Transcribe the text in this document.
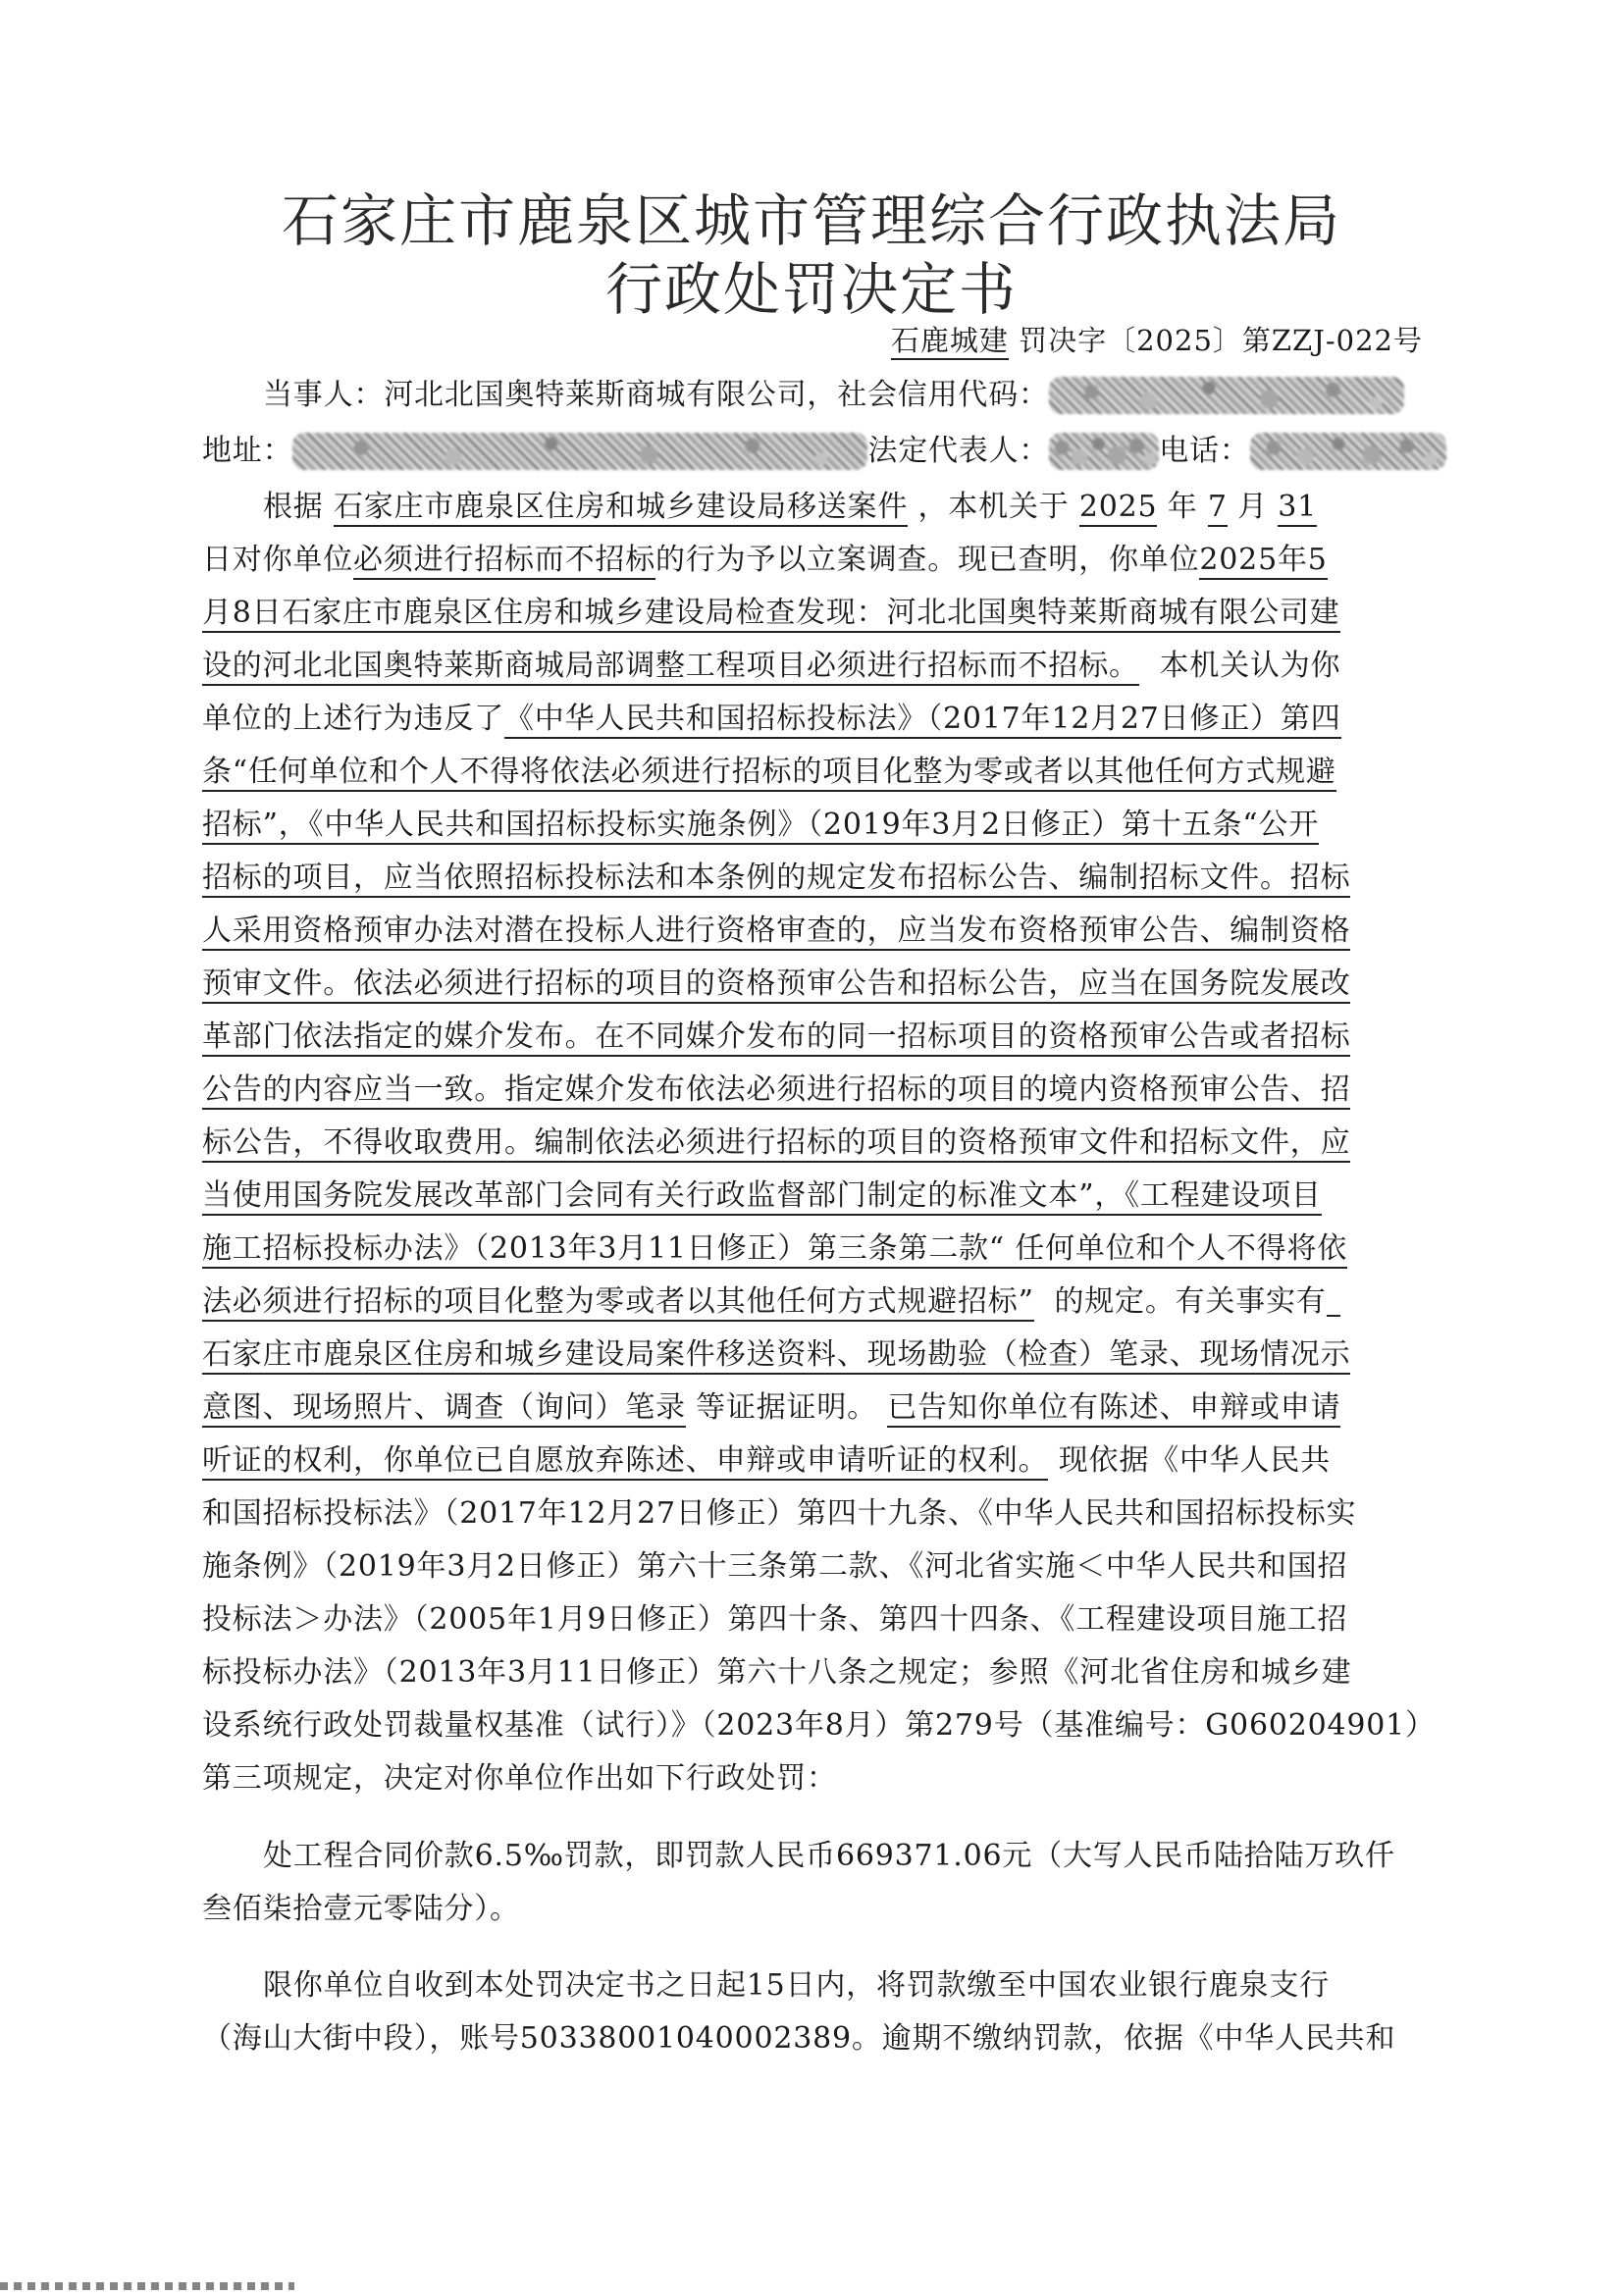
石家庄市鹿泉区城市管理综合行政执法局
行政处罚决定书
石鹿城建 罚决字〔2025〕第ZZJ-022号
当事人：河北北国奥特莱斯商城有限公司，社会信用代码：
地址：	法定代表人：	电话：
根据 石家庄市鹿泉区住房和城乡建设局移送案件 ，本机关于 2025 年 7 月 31
日对你单位必须进行招标而不招标的行为予以立案调查。现已查明，你单位2025年5
月8日石家庄市鹿泉区住房和城乡建设局检查发现：河北北国奥特莱斯商城有限公司建
设的河北北国奥特莱斯商城局部调整工程项目必须进行招标而不招标。 本机关认为你
单位的上述行为违反了《中华人民共和国招标投标法》（2017年12月27日修正）第四
条“任何单位和个人不得将依法必须进行招标的项目化整为零或者以其他任何方式规避
招标”，《中华人民共和国招标投标实施条例》（2019年3月2日修正）第十五条“公开
招标的项目，应当依照招标投标法和本条例的规定发布招标公告、编制招标文件。招标
人采用资格预审办法对潜在投标人进行资格审查的，应当发布资格预审公告、编制资格
预审文件。依法必须进行招标的项目的资格预审公告和招标公告，应当在国务院发展改
革部门依法指定的媒介发布。在不同媒介发布的同一招标项目的资格预审公告或者招标
公告的内容应当一致。指定媒介发布依法必须进行招标的项目的境内资格预审公告、招
标公告，不得收取费用。编制依法必须进行招标的项目的资格预审文件和招标文件，应
当使用国务院发展改革部门会同有关行政监督部门制定的标准文本”，《工程建设项目
施工招标投标办法》（2013年3月11日修正）第三条第二款“ 任何单位和个人不得将依
法必须进行招标的项目化整为零或者以其他任何方式规避招标” 的规定。有关事实有
石家庄市鹿泉区住房和城乡建设局案件移送资料、现场勘验（检查）笔录、现场情况示
意图、现场照片、调查（询问）笔录 等证据证明。 已告知你单位有陈述、申辩或申请
听证的权利，你单位已自愿放弃陈述、申辩或申请听证的权利。 现依据《中华人民共
和国招标投标法》（2017年12月27日修正）第四十九条、《中华人民共和国招标投标实
施条例》（2019年3月2日修正）第六十三条第二款、《河北省实施＜中华人民共和国招
投标法＞办法》（2005年1月9日修正）第四十条、第四十四条、《工程建设项目施工招
标投标办法》（2013年3月11日修正）第六十八条之规定；参照《河北省住房和城乡建
设系统行政处罚裁量权基准（试行）》（2023年8月）第279号（基准编号：G060204901）
第三项规定，决定对你单位作出如下行政处罚：
处工程合同价款6.5‰罚款，即罚款人民币669371.06元（大写人民币陆拾陆万玖仟
叁佰柒拾壹元零陆分）。
限你单位自收到本处罚决定书之日起15日内，将罚款缴至中国农业银行鹿泉支行
（海山大街中段），账号50338001040002389。逾期不缴纳罚款，依据《中华人民共和
